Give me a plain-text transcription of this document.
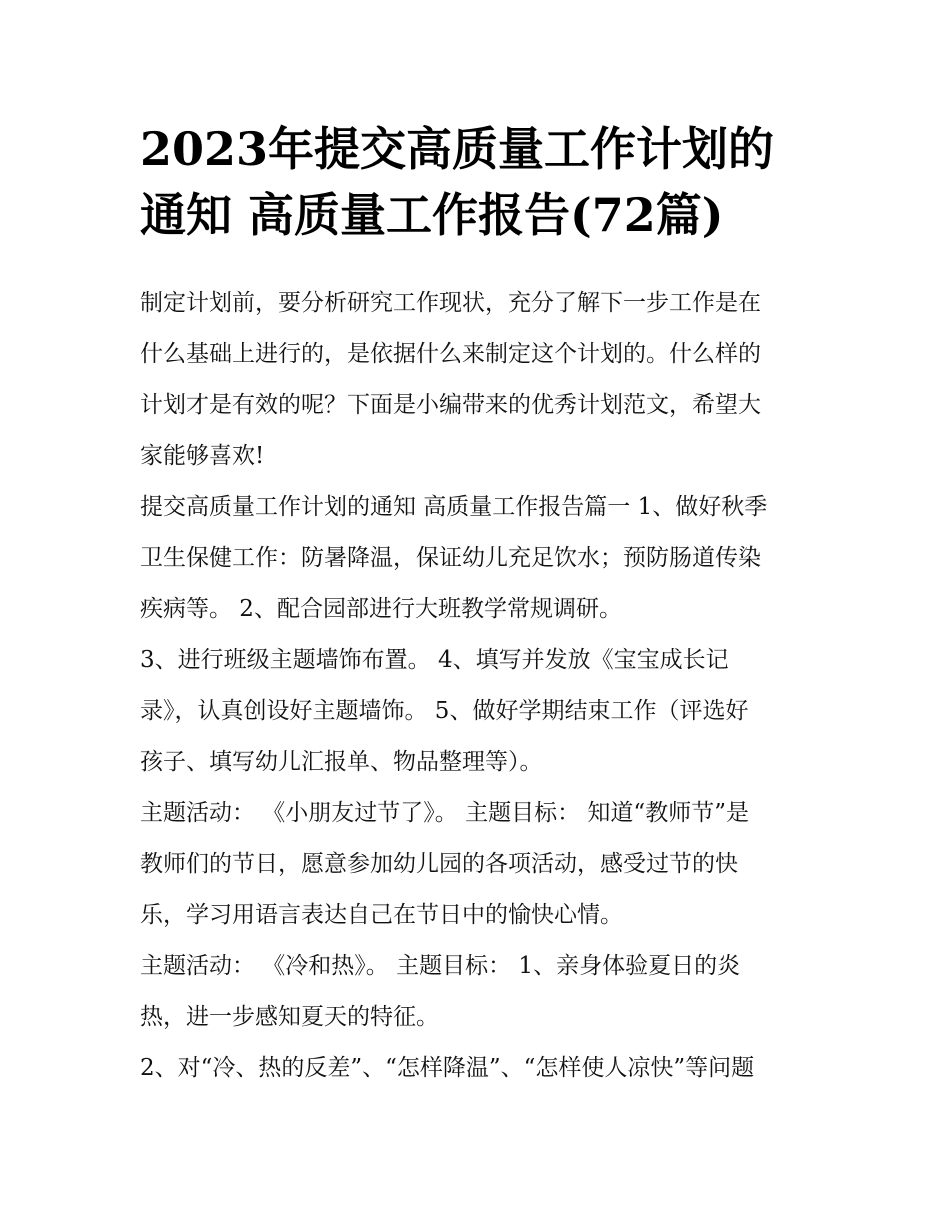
2023年提交高质量工作计划的
通知 高质量工作报告(72篇)

制定计划前，要分析研究工作现状，充分了解下一步工作是在
什么基础上进行的，是依据什么来制定这个计划的。什么样的
计划才是有效的呢？下面是小编带来的优秀计划范文，希望大
家能够喜欢!

提交高质量工作计划的通知 高质量工作报告篇一 1、做好秋季
卫生保健工作：防暑降温，保证幼儿充足饮水；预防肠道传染
疾病等。 2、配合园部进行大班教学常规调研。

3、进行班级主题墙饰布置。 4、填写并发放《宝宝成长记
录》，认真创设好主题墙饰。 5、做好学期结束工作（评选好
孩子、填写幼儿汇报单、物品整理等）。

主题活动： 《小朋友过节了》。 主题目标： 知道“教师节”是
教师们的节日，愿意参加幼儿园的各项活动，感受过节的快
乐，学习用语言表达自己在节日中的愉快心情。

主题活动： 《冷和热》。 主题目标： 1、亲身体验夏日的炎
热，进一步感知夏天的特征。

2、对“冷、热的反差”、“怎样降温”、“怎样使人凉快”等问题
